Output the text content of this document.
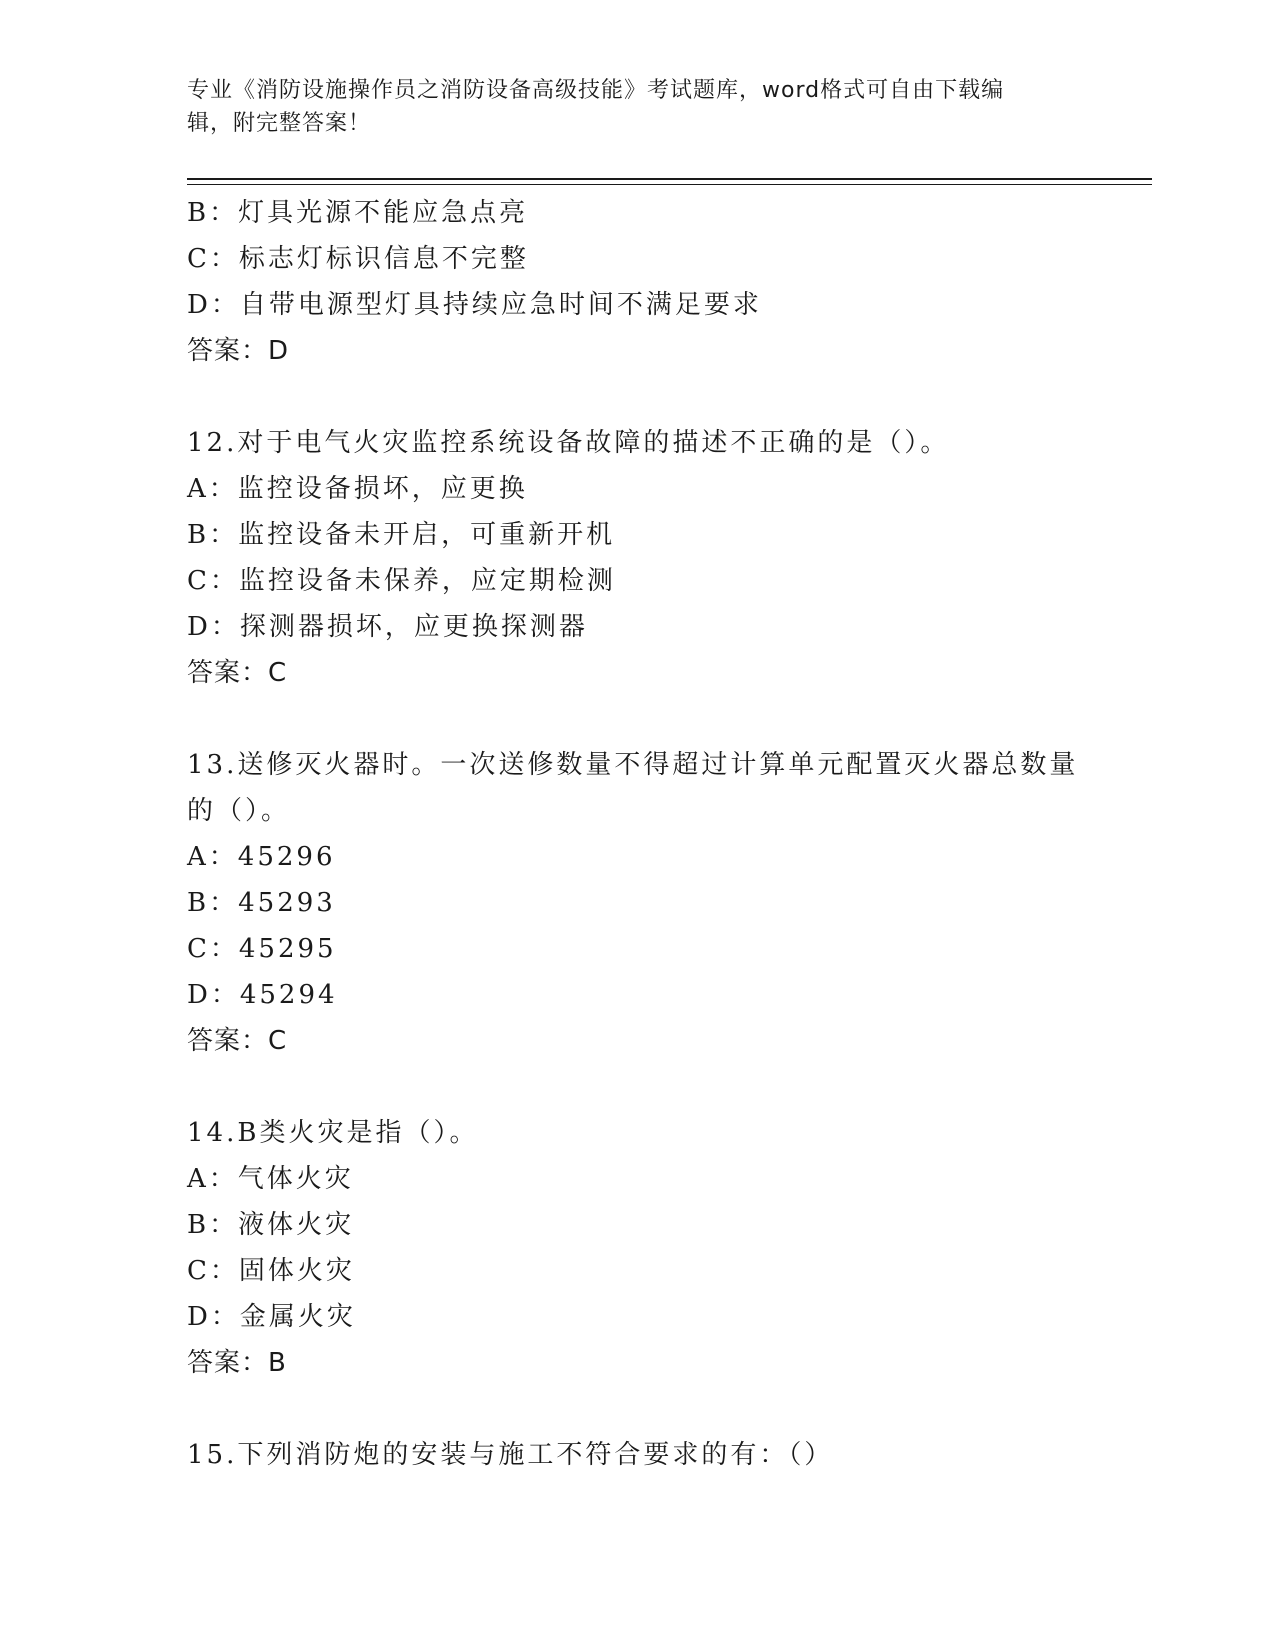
专业《消防设施操作员之消防设备高级技能》考试题库，word格式可自由下载编
辑，附完整答案！
B：灯具光源不能应急点亮
C：标志灯标识信息不完整
D：自带电源型灯具持续应急时间不满足要求
答案：D
12.对于电气火灾监控系统设备故障的描述不正确的是（）。
A：监控设备损坏，应更换
B：监控设备未开启，可重新开机
C：监控设备未保养，应定期检测
D：探测器损坏，应更换探测器
答案：C
13.送修灭火器时。一次送修数量不得超过计算单元配置灭火器总数量
的（）。
A：45296
B：45293
C：45295
D：45294
答案：C
14.B类火灾是指（）。
A：气体火灾
B：液体火灾
C：固体火灾
D：金属火灾
答案：B
15.下列消防炮的安装与施工不符合要求的有：（）
